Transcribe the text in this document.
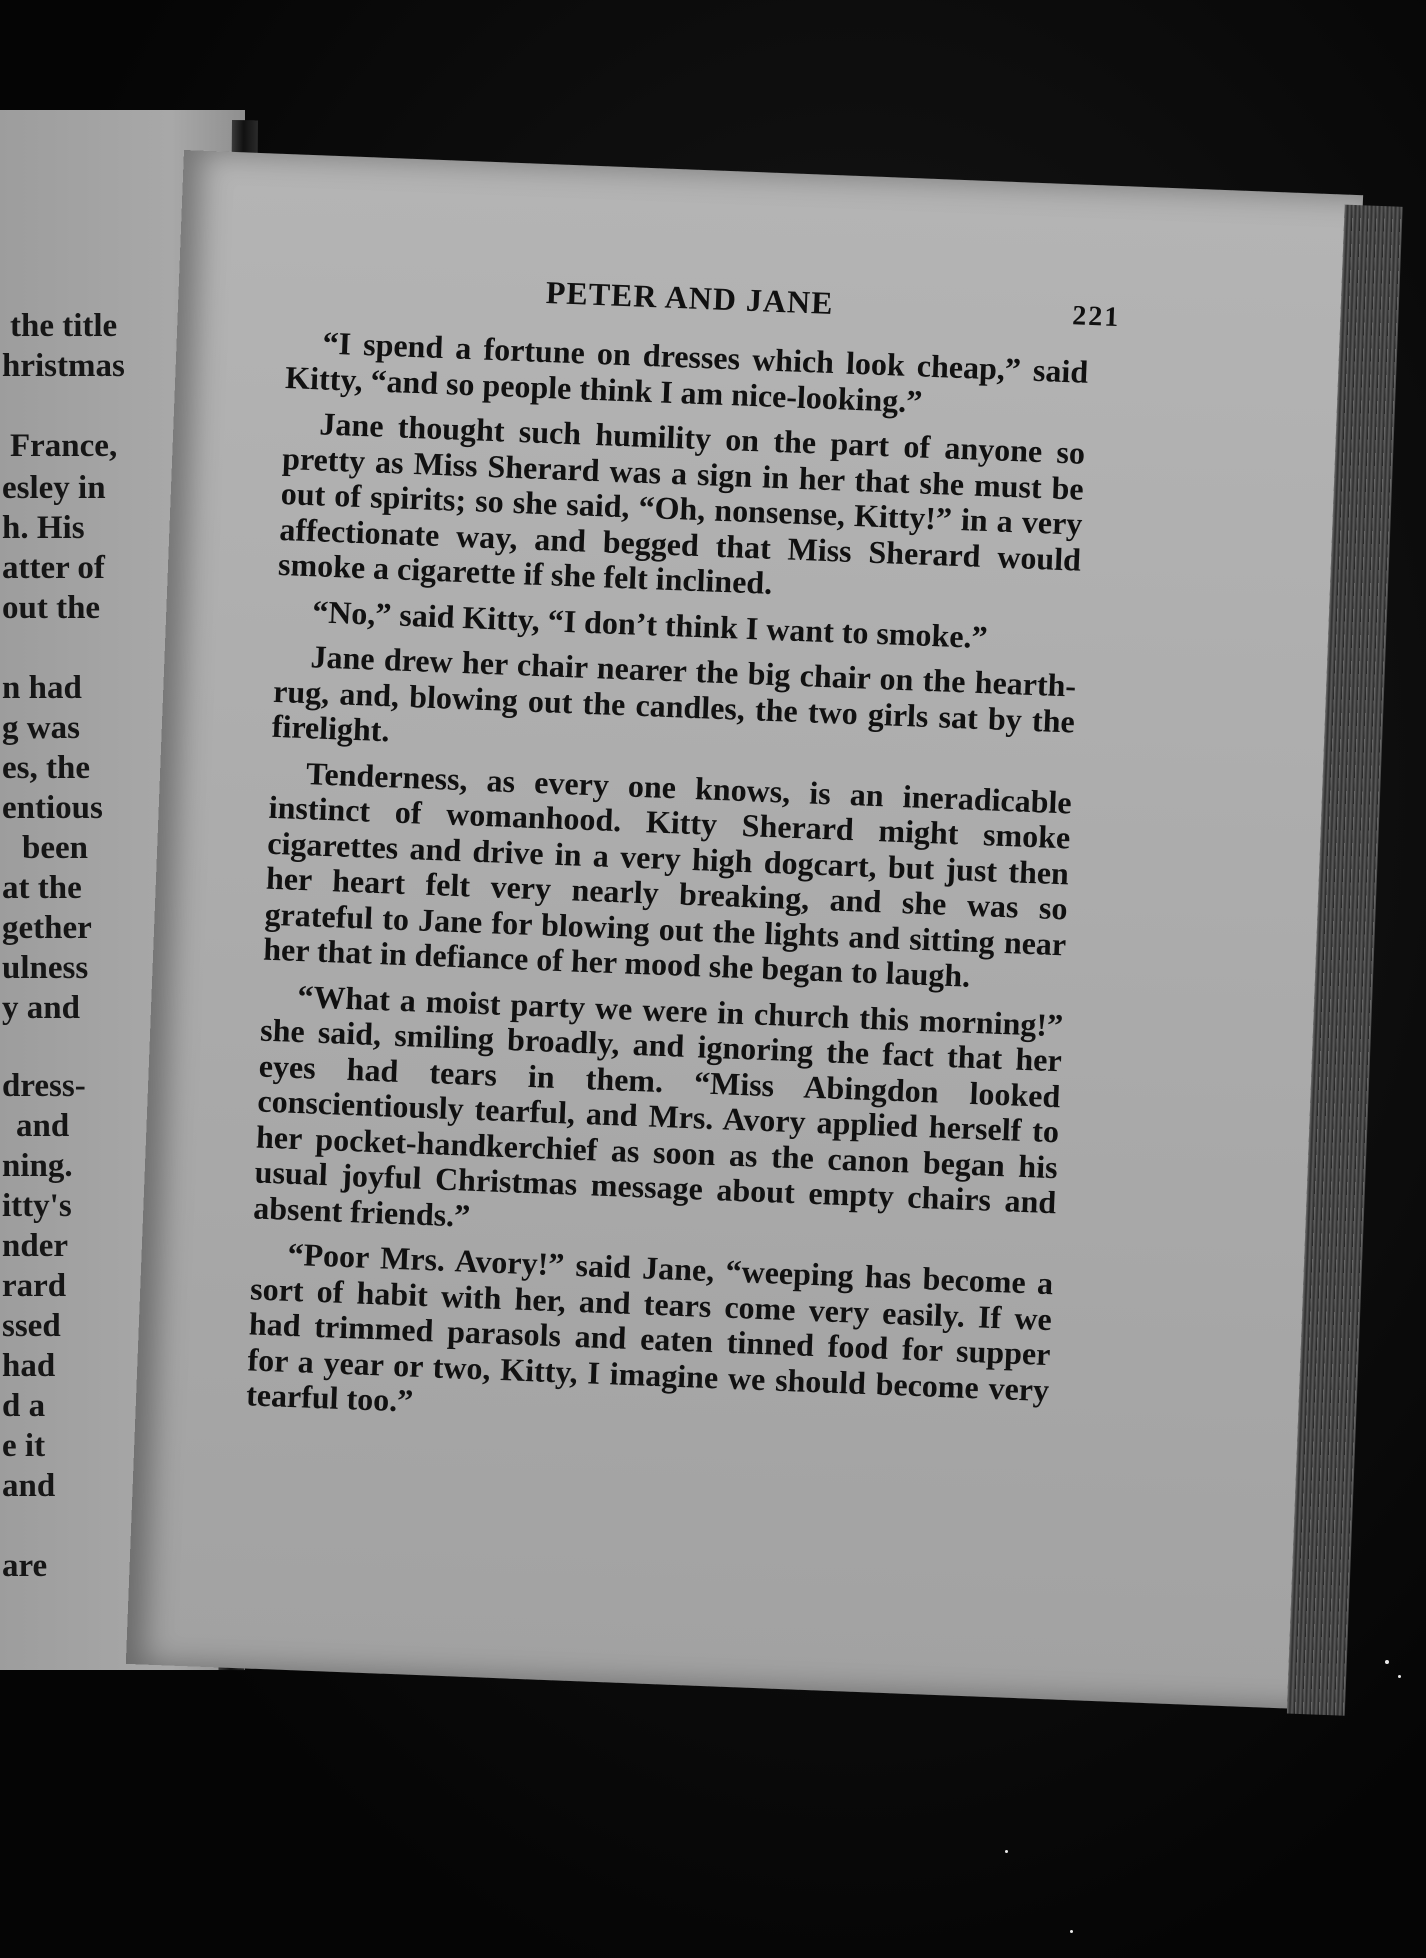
the title
hristmas
France,
esley in
h. His
atter of
out the
n had
g was
es, the
entious
been
at the
gether
ulness
y and
dress-
and
ning.
itty's
nder
rard
ssed
had
d a
e it
and
are
PETER AND JANE	221

“I spend a fortune on dresses which look cheap,” said Kitty, “and so people think I am nice-looking.”

Jane thought such humility on the part of anyone so pretty as Miss Sherard was a sign in her that she must be out of spirits; so she said, “Oh, nonsense, Kitty!” in a very affectionate way, and begged that Miss Sherard would smoke a cigarette if she felt inclined.

“No,” said Kitty, “I don’t think I want to smoke.”

Jane drew her chair nearer the big chair on the hearth-rug, and, blowing out the candles, the two girls sat by the firelight.

Tenderness, as every one knows, is an ineradicable instinct of womanhood. Kitty Sherard might smoke cigarettes and drive in a very high dogcart, but just then her heart felt very nearly breaking, and she was so grateful to Jane for blowing out the lights and sitting near her that in defiance of her mood she began to laugh.

“What a moist party we were in church this morning!” she said, smiling broadly, and ignoring the fact that her eyes had tears in them. “Miss Abingdon looked conscientiously tearful, and Mrs. Avory applied herself to her pocket-handkerchief as soon as the canon began his usual joyful Christmas message about empty chairs and absent friends.”

“Poor Mrs. Avory!” said Jane, “weeping has become a sort of habit with her, and tears come very easily. If we had trimmed parasols and eaten tinned food for supper for a year or two, Kitty, I imagine we should become very tearful too.”
